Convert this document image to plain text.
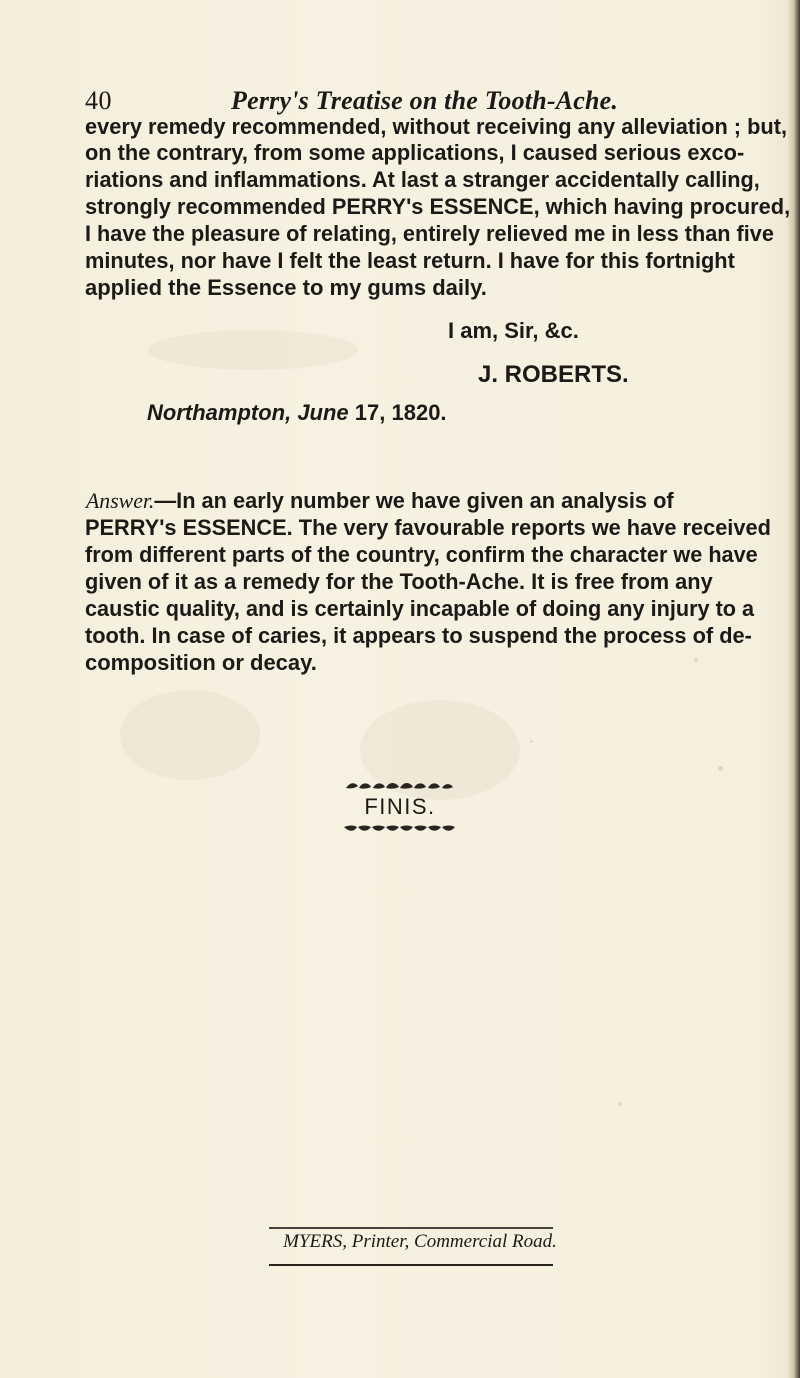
40	Perry's Treatise on the Tooth-Ache.
every remedy recommended, without receiving any alleviation ; but,
on the contrary, from some applications, I caused serious exco-
riations and inflammations. At last a stranger accidentally calling,
strongly recommended PERRY's ESSENCE, which having procured,
I have the pleasure of relating, entirely relieved me in less than five
minutes, nor have I felt the least return. I have for this fortnight
applied the Essence to my gums daily.
I am, Sir, &c.
J. ROBERTS.
Northampton, June 17, 1820.
Answer.—In an early number we have given an analysis of
PERRY's ESSENCE. The very favourable reports we have received
from different parts of the country, confirm the character we have
given of it as a remedy for the Tooth-Ache. It is free from any
caustic quality, and is certainly incapable of doing any injury to a
tooth. In case of caries, it appears to suspend the process of de-
composition or decay.
FINIS.
MYERS, Printer, Commercial Road.
